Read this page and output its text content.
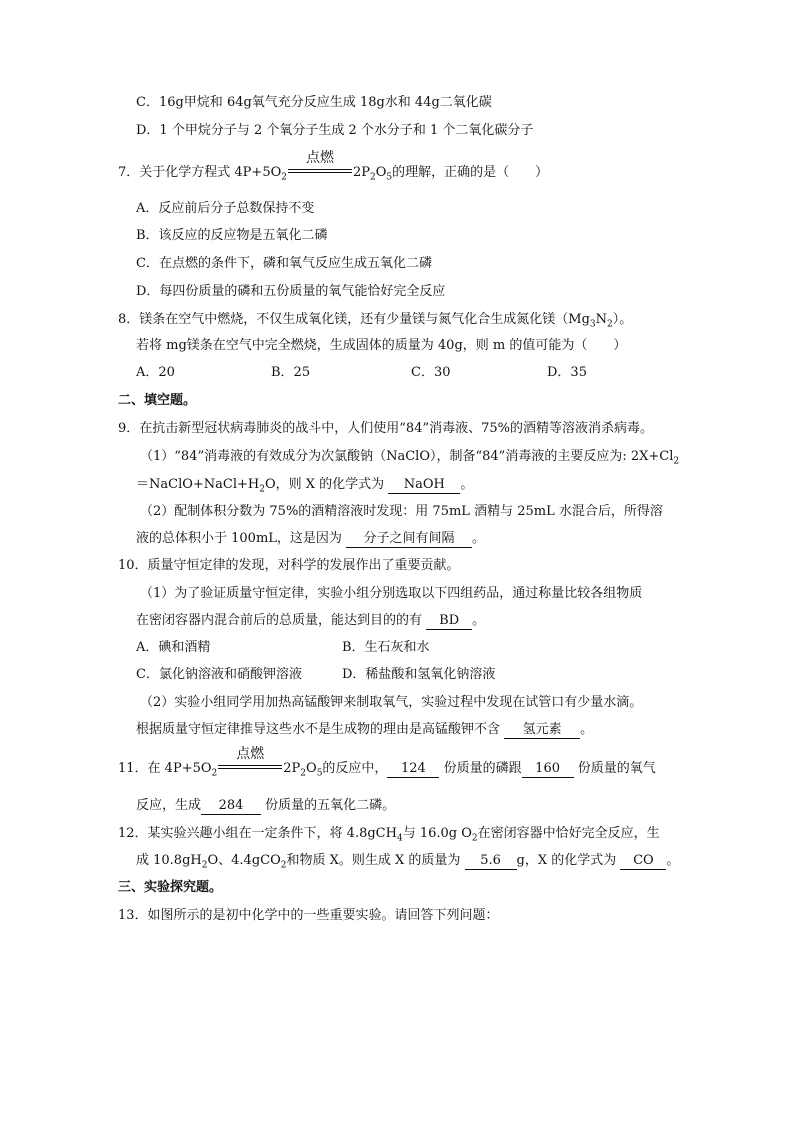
C．16g甲烷和 64g氧气充分反应生成 18g水和 44g二氧化碳
D．1 个甲烷分子与 2 个氧分子生成 2 个水分子和 1 个二氧化碳分子
7．关于化学方程式 $4P+5O_2$
点燃
$2P_2O_5$的理解，正确的是（　　）
A．反应前后分子总数保持不变
B．该反应的反应物是五氧化二磷
C．在点燃的条件下，磷和氧气反应生成五氧化二磷
D．每四份质量的磷和五份质量的氧气能恰好完全反应
8．镁条在空气中燃烧，不仅生成氧化镁，还有少量镁与氮气化合生成氮化镁$(Mg_3N_2)$。
若将 mg镁条在空气中完全燃烧，生成固体的质量为 40g，则 m 的值可能为（　　）
A．20	B．25	C．30	D．35
二、填空题。
9．在抗击新型冠状病毒肺炎的战斗中，人们使用“84”消毒液、75%的酒精等溶液消杀病毒。
（1）“84”消毒液的有效成分为次氯酸钠（NaClO），制备“84”消毒液的主要反应为: $2X+Cl_2$
$=NaClO+NaCl+H_2O$，则 X 的化学式为 NaOH 。
（2）配制体积分数为 75%的酒精溶液时发现：用 75mL 酒精与 25mL 水混合后，所得溶
液的总体积小于 100mL，这是因为 分子之间有间隔 。
10．质量守恒定律的发现，对科学的发展作出了重要贡献。
（1）为了验证质量守恒定律，实验小组分别选取以下四组药品，通过称量比较各组物质
在密闭容器内混合前后的总质量，能达到目的的有 BD 。
A．碘和酒精	B．生石灰和水
C．氯化钠溶液和硝酸钾溶液	D．稀盐酸和氢氧化钠溶液
（2）实验小组同学用加热高锰酸钾来制取氧气，实验过程中发现在试管口有少量水滴。
根据质量守恒定律推导这些水不是生成物的理由是高锰酸钾不含 氢元素 。
11．在 $4P+5O_2$
点燃
$2P_2O_5$的反应中， 124 份质量的磷跟 160 份质量的氧气
反应，生成 284 份质量的五氧化二磷。
12．某实验兴趣小组在一定条件下，将 4.8gCH$_4$与 16.0g $O_2$在密闭容器中恰好完全反应，生
成 $10.8gH_2O$、4.4gCO$_2$和物质 X。则生成 X 的质量为 5.6 g，X 的化学式为 CO 。
三、实验探究题。
13．如图所示的是初中化学中的一些重要实验。请回答下列问题：
